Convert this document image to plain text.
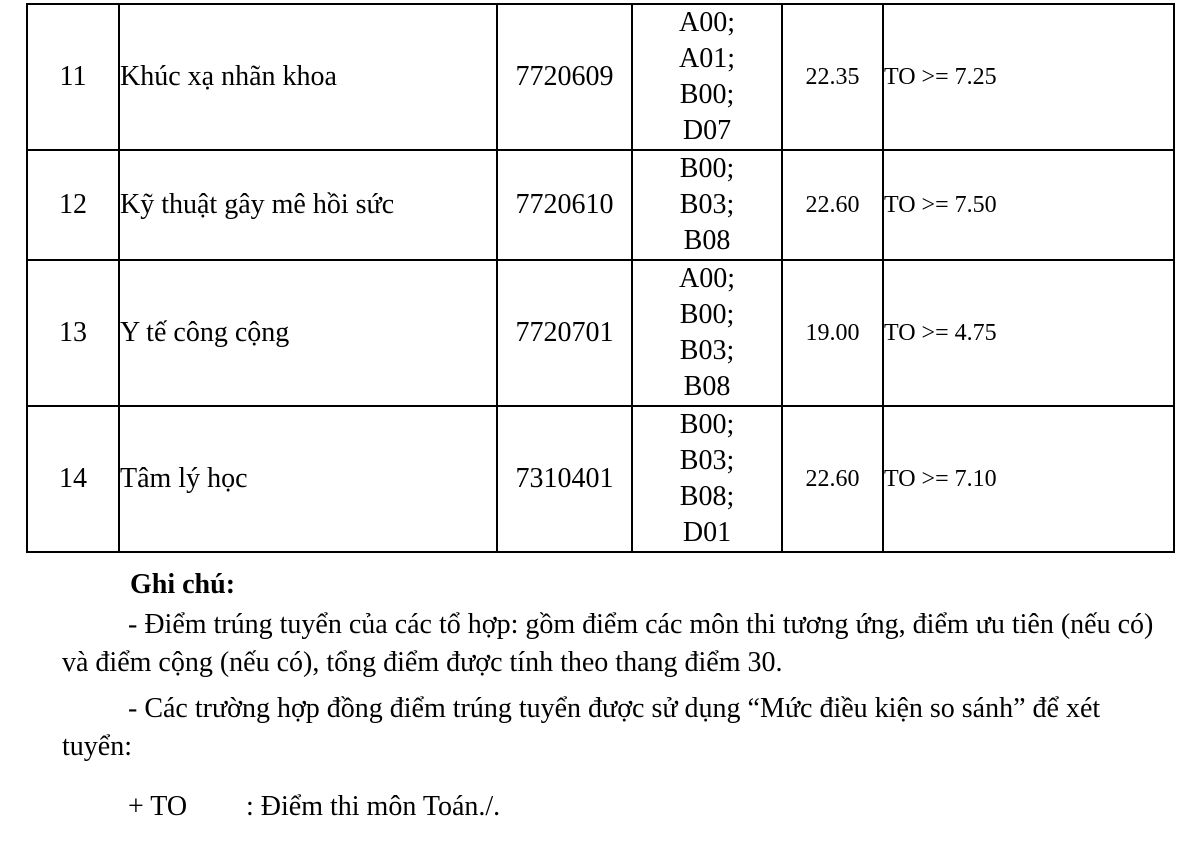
11	Khúc xạ nhãn khoa	7720609	A00;
A01;
B00;
D07	22.35	TO >= 7.25
12	Kỹ thuật gây mê hồi sức	7720610	B00;
B03;
B08	22.60	TO >= 7.50
13	Y tế công cộng	7720701	A00;
B00;
B03;
B08	19.00	TO >= 4.75
14	Tâm lý học	7310401	B00;
B03;
B08;
D01	22.60	TO >= 7.10
Ghi chú:

- Điểm trúng tuyển của các tổ hợp: gồm điểm các môn thi tương ứng, điểm ưu tiên (nếu có) và điểm cộng (nếu có), tổng điểm được tính theo thang điểm 30.

- Các trường hợp đồng điểm trúng tuyển được sử dụng “Mức điều kiện so sánh” để xét tuyển:

+ TO : Điểm thi môn Toán./.
